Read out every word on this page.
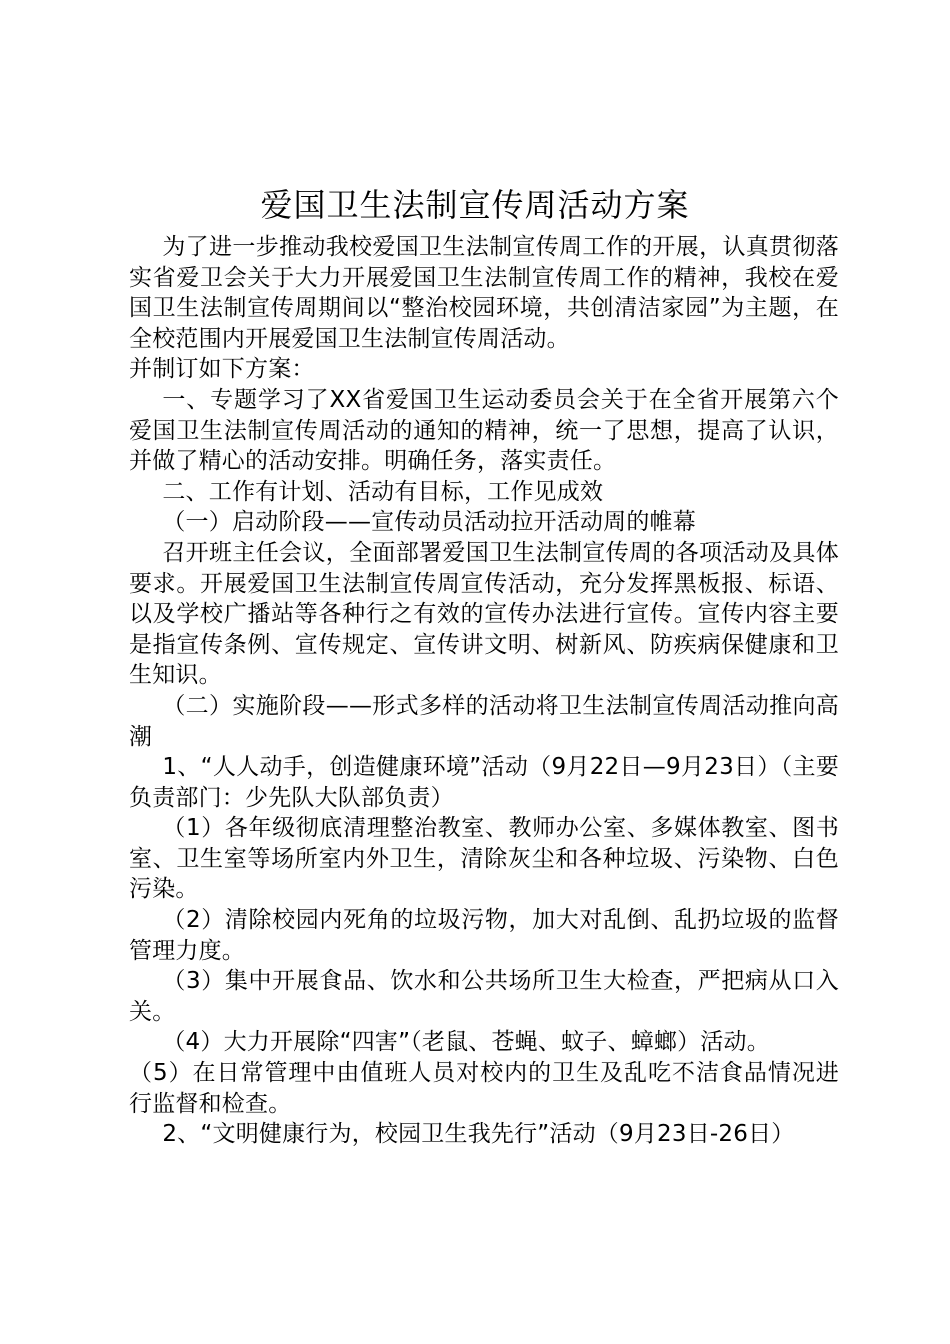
爱国卫生法制宣传周活动方案

为了进一步推动我校爱国卫生法制宣传周工作的开展，认真贯彻落实省爱卫会关于大力开展爱国卫生法制宣传周工作的精神，我校在爱国卫生法制宣传周期间以“整治校园环境，共创清洁家园”为主题，在全校范围内开展爱国卫生法制宣传周活动。

并制订如下方案：

一、专题学习了XX省爱国卫生运动委员会关于在全省开展第六个爱国卫生法制宣传周活动的通知的精神，统一了思想，提高了认识，并做了精心的活动安排。明确任务，落实责任。

二、工作有计划、活动有目标，工作见成效

（一）启动阶段——宣传动员活动拉开活动周的帷幕

召开班主任会议，全面部署爱国卫生法制宣传周的各项活动及具体要求。开展爱国卫生法制宣传周宣传活动，充分发挥黑板报、标语、以及学校广播站等各种行之有效的宣传办法进行宣传。宣传内容主要是指宣传条例、宣传规定、宣传讲文明、树新风、防疾病保健康和卫生知识。

（二）实施阶段——形式多样的活动将卫生法制宣传周活动推向高潮

1、“人人动手，创造健康环境”活动（9月22日—9月23日）（主要负责部门：少先队大队部负责）

（1）各年级彻底清理整治教室、教师办公室、多媒体教室、图书室、卫生室等场所室内外卫生，清除灰尘和各种垃圾、污染物、白色污染。

（2）清除校园内死角的垃圾污物，加大对乱倒、乱扔垃圾的监督管理力度。

（3）集中开展食品、饮水和公共场所卫生大检查，严把病从口入关。

（4）大力开展除“四害”（老鼠、苍蝇、蚊子、蟑螂）活动。

（5）在日常管理中由值班人员对校内的卫生及乱吃不洁食品情况进行监督和检查。

2、“文明健康行为，校园卫生我先行”活动（9月23日-26日）
